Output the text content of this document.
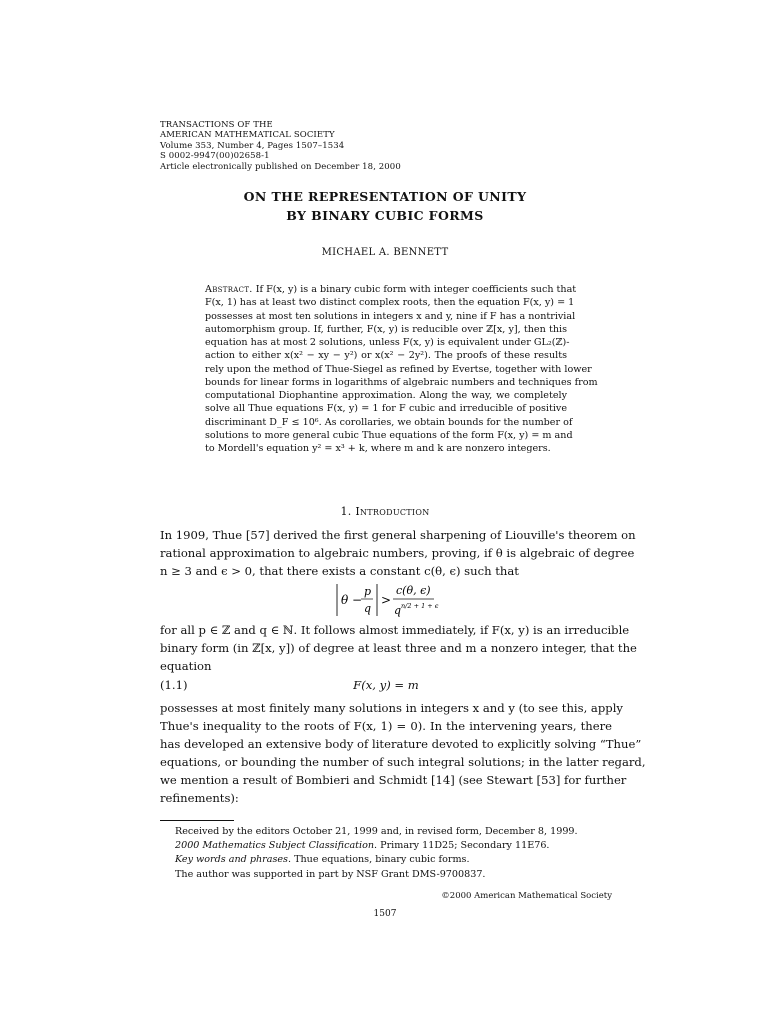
TRANSACTIONS OF THE
AMERICAN MATHEMATICAL SOCIETY
Volume 353, Number 4, Pages 1507–1534
S 0002-9947(00)02658-1
Article electronically published on December 18, 2000
ON THE REPRESENTATION OF UNITY
BY BINARY CUBIC FORMS
MICHAEL A. BENNETT
Abstract. If F(x, y) is a binary cubic form with integer coefficients such that
F(x, 1) has at least two distinct complex roots, then the equation F(x, y) = 1
possesses at most ten solutions in integers x and y, nine if F has a nontrivial
automorphism group. If, further, F(x, y) is reducible over ℤ[x, y], then this
equation has at most 2 solutions, unless F(x, y) is equivalent under GL₂(ℤ)-
action to either x(x² − xy − y²) or x(x² − 2y²). The proofs of these results
rely upon the method of Thue-Siegel as refined by Evertse, together with lower
bounds for linear forms in logarithms of algebraic numbers and techniques from
computational Diophantine approximation. Along the way, we completely
solve all Thue equations F(x, y) = 1 for F cubic and irreducible of positive
discriminant D_F ≤ 10⁶. As corollaries, we obtain bounds for the number of
solutions to more general cubic Thue equations of the form F(x, y) = m and
to Mordell's equation y² = x³ + k, where m and k are nonzero integers.
1. Introduction
In 1909, Thue [57] derived the first general sharpening of Liouville's theorem on
rational approximation to algebraic numbers, proving, if θ is algebraic of degree
n ≥ 3 and ϵ > 0, that there exists a constant c(θ, ϵ) such that
θ −
p
q
>
c(θ, ϵ)
q n/2 + 1 + ϵ
for all p ∈ ℤ and q ∈ ℕ. It follows almost immediately, if F(x, y) is an irreducible
binary form (in ℤ[x, y]) of degree at least three and m a nonzero integer, that the
equation
(1.1)	F(x, y) = m
possesses at most finitely many solutions in integers x and y (to see this, apply
Thue's inequality to the roots of F(x, 1) = 0). In the intervening years, there
has developed an extensive body of literature devoted to explicitly solving “Thue”
equations, or bounding the number of such integral solutions; in the latter regard,
we mention a result of Bombieri and Schmidt [14] (see Stewart [53] for further
refinements):
Received by the editors October 21, 1999 and, in revised form, December 8, 1999.
2000 Mathematics Subject Classification. Primary 11D25; Secondary 11E76.
Key words and phrases. Thue equations, binary cubic forms.
The author was supported in part by NSF Grant DMS-9700837.
©2000 American Mathematical Society
1507
